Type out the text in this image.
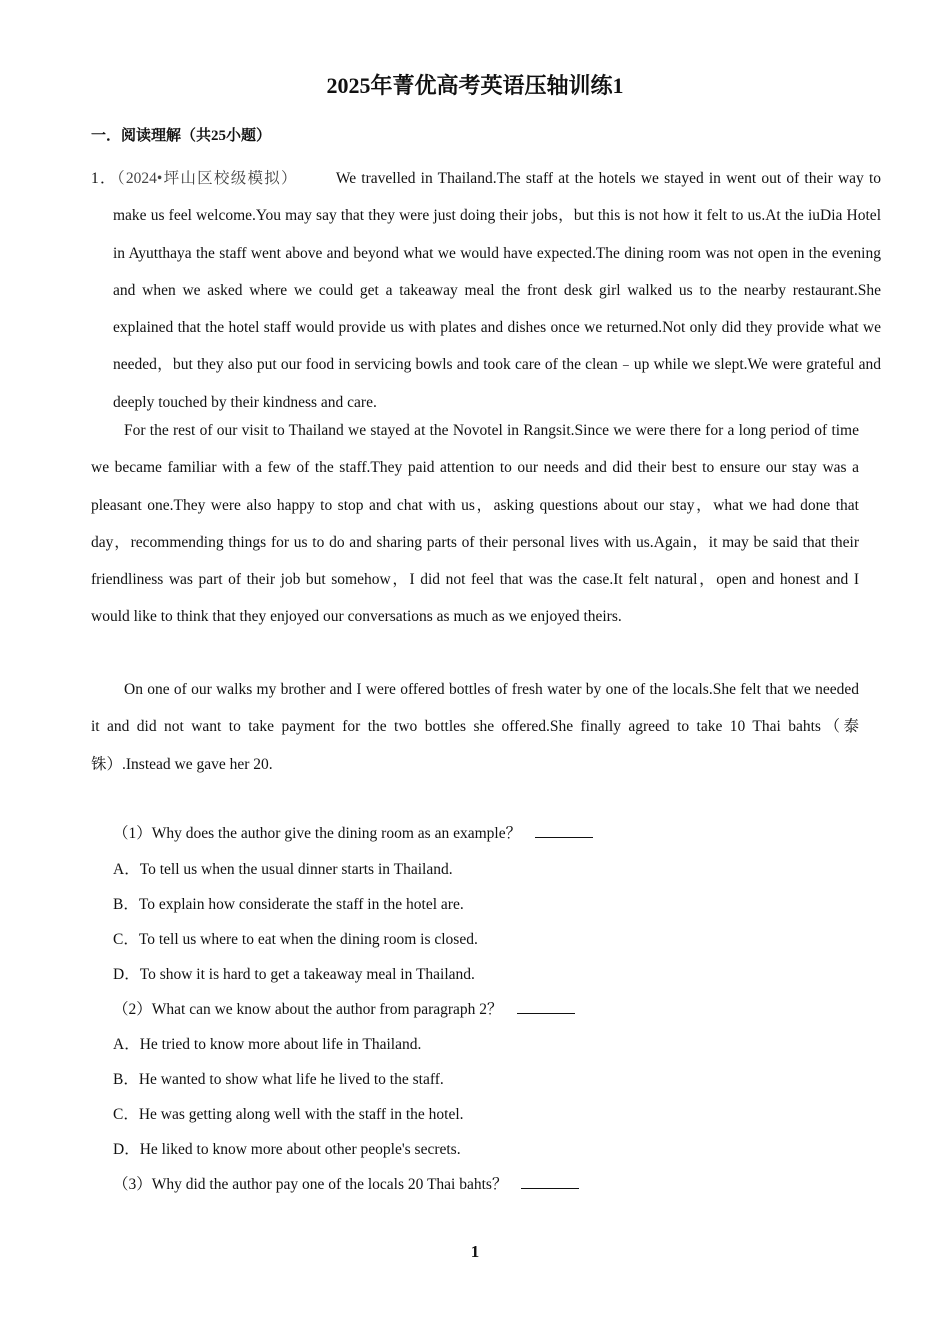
2025年菁优高考英语压轴训练1
一．阅读理解（共25小题）
1．（2024•坪山区校级模拟） We travelled in Thailand.The staff at the hotels we stayed in went out of their way to make us feel welcome.You may say that they were just doing their jobs，but this is not how it felt to us.At the iuDia Hotel in Ayutthaya the staff went above and beyond what we would have expected.The dining room was not open in the evening and when we asked where we could get a takeaway meal the front desk girl walked us to the nearby restaurant.She explained that the hotel staff would provide us with plates and dishes once we returned.Not only did they provide what we needed，but they also put our food in servicing bowls and took care of the clean﹣up while we slept.We were grateful and deeply touched by their kindness and care.
For the rest of our visit to Thailand we stayed at the Novotel in Rangsit.Since we were there for a long period of time we became familiar with a few of the staff.They paid attention to our needs and did their best to ensure our stay was a pleasant one.They were also happy to stop and chat with us，asking questions about our stay，what we had done that day，recommending things for us to do and sharing parts of their personal lives with us.Again，it may be said that their friendliness was part of their job but somehow，I did not feel that was the case.It felt natural，open and honest and I would like to think that they enjoyed our conversations as much as we enjoyed theirs.
On one of our walks my brother and I were offered bottles of fresh water by one of the locals.She felt that we needed it and did not want to take payment for the two bottles she offered.She finally agreed to take 10 Thai bahts（泰铢）.Instead we gave her 20.
（1）Why does the author give the dining room as an example？
A．To tell us when the usual dinner starts in Thailand.
B．To explain how considerate the staff in the hotel are.
C．To tell us where to eat when the dining room is closed.
D．To show it is hard to get a takeaway meal in Thailand.
（2）What can we know about the author from paragraph 2？
A．He tried to know more about life in Thailand.
B．He wanted to show what life he lived to the staff.
C．He was getting along well with the staff in the hotel.
D．He liked to know more about other people's secrets.
（3）Why did the author pay one of the locals 20 Thai bahts？
1
